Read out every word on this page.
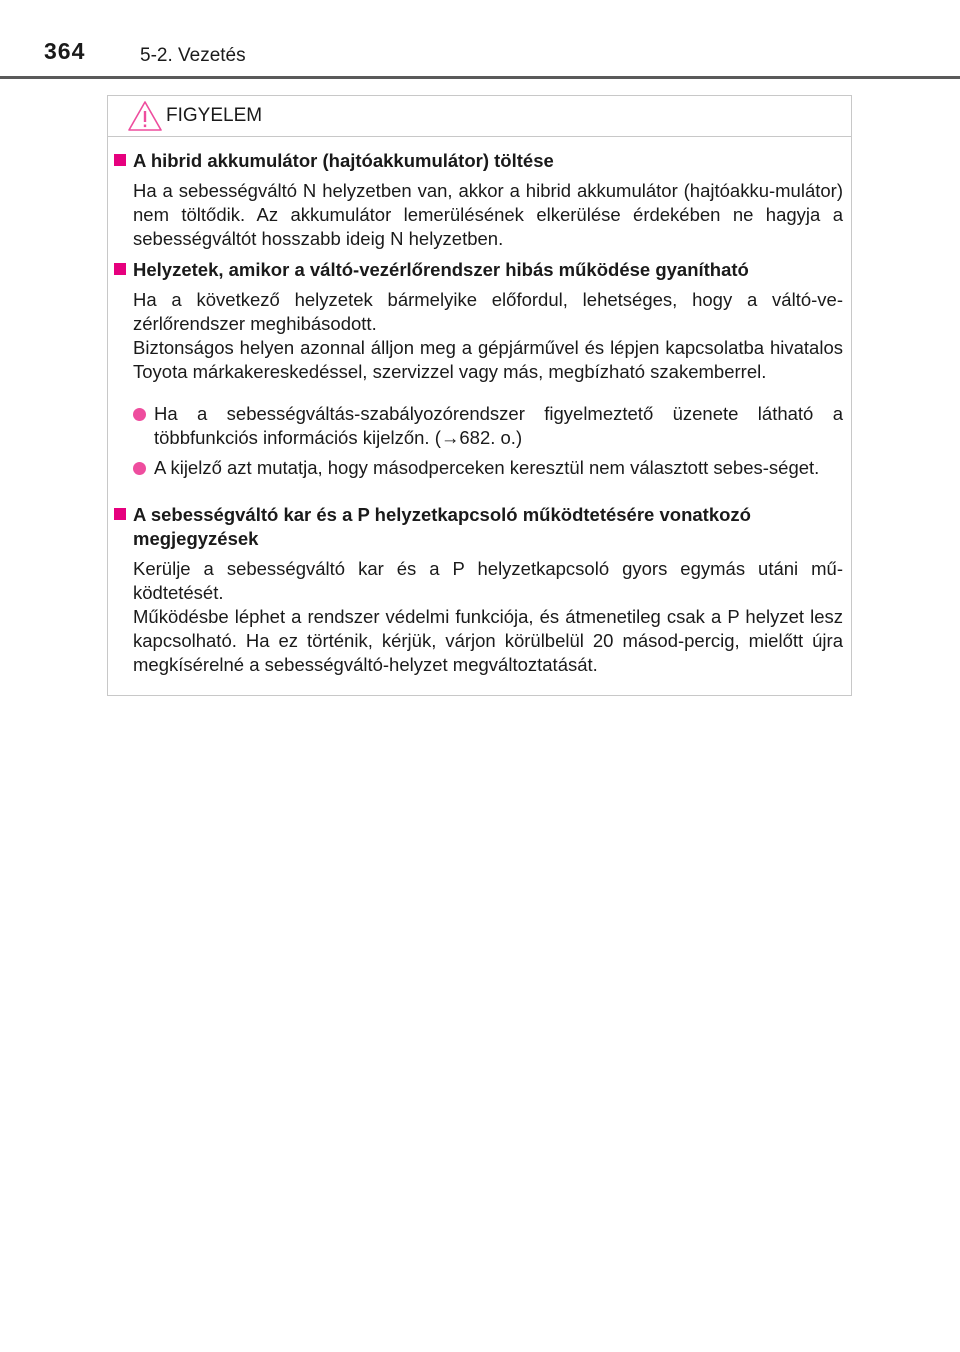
364	5-2. Vezetés
FIGYELEM
A hibrid akkumulátor (hajtóakkumulátor) töltése
Ha a sebességváltó N helyzetben van, akkor a hibrid akkumulátor (hajtóakku-mulátor) nem töltődik. Az akkumulátor lemerülésének elkerülése érdekében ne hagyja a sebességváltót hosszabb ideig N helyzetben.
Helyzetek, amikor a váltó-vezérlőrendszer hibás működése gyanítható
Ha a következő helyzetek bármelyike előfordul, lehetséges, hogy a váltó-ve-zérlőrendszer meghibásodott.
Biztonságos helyen azonnal álljon meg a gépjárművel és lépjen kapcsolatba hivatalos Toyota márkakereskedéssel, szervizzel vagy más, megbízható szakemberrel.
Ha a sebességváltás-szabályozórendszer figyelmeztető üzenete látható a többfunkciós információs kijelzőn. (→682. o.)
A kijelző azt mutatja, hogy másodperceken keresztül nem választott sebes-séget.
A sebességváltó kar és a P helyzetkapcsoló működtetésére vonatkozó megjegyzések
Kerülje a sebességváltó kar és a P helyzetkapcsoló gyors egymás utáni mű-ködtetését.
Működésbe léphet a rendszer védelmi funkciója, és átmenetileg csak a P helyzet lesz kapcsolható. Ha ez történik, kérjük, várjon körülbelül 20 másod-percig, mielőtt újra megkísérelné a sebességváltó-helyzet megváltoztatását.
